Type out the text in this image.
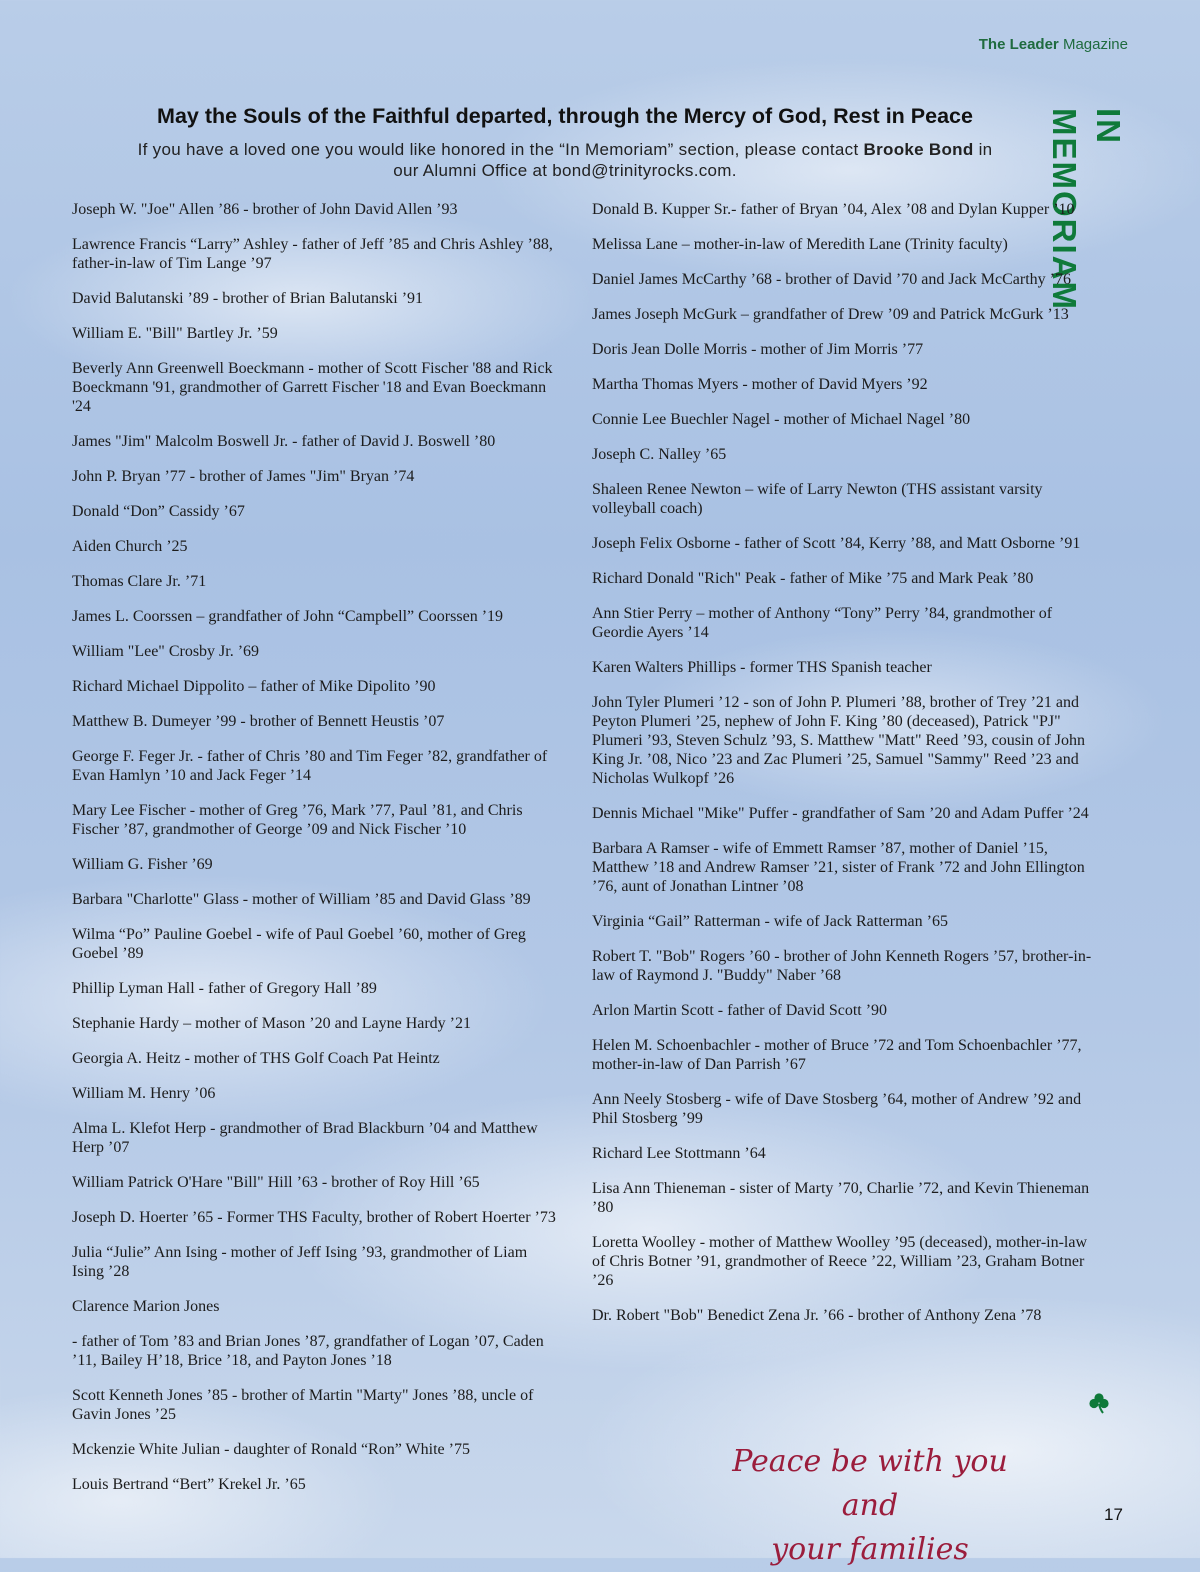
The Leader Magazine
IN MEMORIAM
May the Souls of the Faithful departed, through the Mercy of God, Rest in Peace
If you have a loved one you would like honored in the “In Memoriam” section, please contact Brooke Bond in our Alumni Office at bond@trinityrocks.com.
Joseph W. "Joe" Allen ’86 - brother of John David Allen ’93
Lawrence Francis “Larry” Ashley - father of Jeff ’85 and Chris Ashley ’88, father-in-law of Tim Lange ’97
David Balutanski ’89 - brother of Brian Balutanski ’91
William E. "Bill" Bartley Jr. ’59
Beverly Ann Greenwell Boeckmann - mother of Scott Fischer '88 and Rick Boeckmann '91, grandmother of Garrett Fischer '18 and Evan Boeckmann '24
James "Jim" Malcolm Boswell Jr. - father of David J. Boswell ’80
John P. Bryan ’77 - brother of James "Jim" Bryan ’74
Donald “Don” Cassidy ’67
Aiden Church ’25
Thomas Clare Jr. ’71
James L. Coorssen – grandfather of John “Campbell” Coorssen ’19
William "Lee" Crosby Jr. ’69
Richard Michael Dippolito – father of Mike Dipolito ’90
Matthew B. Dumeyer ’99 - brother of Bennett Heustis ’07
George F. Feger Jr. - father of Chris ’80 and Tim Feger ’82, grandfather of Evan Hamlyn ’10 and Jack Feger ’14
Mary Lee Fischer - mother of Greg ’76, Mark ’77, Paul ’81, and Chris Fischer ’87, grandmother of George ’09 and Nick Fischer ’10
William G. Fisher ’69
Barbara "Charlotte" Glass - mother of William ’85 and David Glass ’89
Wilma “Po” Pauline Goebel - wife of Paul Goebel ’60, mother of Greg Goebel ’89
Phillip Lyman Hall - father of Gregory Hall ’89
Stephanie Hardy – mother of Mason ’20 and Layne Hardy ’21
Georgia A. Heitz - mother of THS Golf Coach Pat Heintz
William M. Henry ’06
Alma L. Klefot Herp - grandmother of Brad Blackburn ’04 and Matthew Herp ’07
William Patrick O'Hare "Bill" Hill ’63 - brother of Roy Hill ’65
Joseph D. Hoerter ’65 - Former THS Faculty, brother of Robert Hoerter ’73
Julia “Julie” Ann Ising - mother of Jeff Ising ’93, grandmother of Liam Ising ’28
Clarence Marion Jones
- father of Tom ’83 and Brian Jones ’87, grandfather of Logan ’07, Caden ’11, Bailey H’18, Brice ’18, and Payton Jones ’18
Scott Kenneth Jones ’85 - brother of Martin "Marty" Jones ’88, uncle of Gavin Jones ’25
Mckenzie White Julian - daughter of Ronald “Ron” White ’75
Louis Bertrand “Bert” Krekel Jr. ’65
Donald B. Kupper Sr.- father of Bryan ’04, Alex ’08 and Dylan Kupper ’10
Melissa Lane – mother-in-law of Meredith Lane (Trinity faculty)
Daniel James McCarthy ’68 - brother of David ’70 and Jack McCarthy ’76
James Joseph McGurk – grandfather of Drew ’09 and Patrick McGurk ’13
Doris Jean Dolle Morris - mother of Jim Morris ’77
Martha Thomas Myers - mother of David Myers ’92
Connie Lee Buechler Nagel - mother of Michael Nagel ’80
Joseph C. Nalley ’65
Shaleen Renee Newton – wife of Larry Newton (THS assistant varsity volleyball coach)
Joseph Felix Osborne - father of Scott ’84, Kerry ’88, and Matt Osborne ’91
Richard Donald "Rich" Peak - father of Mike ’75 and Mark Peak ’80
Ann Stier Perry – mother of Anthony “Tony” Perry ’84, grandmother of Geordie Ayers ’14
Karen Walters Phillips - former THS Spanish teacher
John Tyler Plumeri ’12 - son of John P. Plumeri ’88, brother of Trey ’21 and Peyton Plumeri ’25, nephew of John F. King ’80 (deceased), Patrick "PJ" Plumeri ’93, Steven Schulz ’93, S. Matthew "Matt" Reed ’93, cousin of John King Jr. ’08, Nico ’23 and Zac Plumeri ’25, Samuel "Sammy" Reed ’23 and Nicholas Wulkopf ’26
Dennis Michael "Mike" Puffer - grandfather of Sam ’20 and Adam Puffer ’24
Barbara A Ramser - wife of Emmett Ramser ’87, mother of Daniel ’15, Matthew ’18 and Andrew Ramser ’21, sister of Frank ’72 and John Ellington ’76, aunt of Jonathan Lintner ’08
Virginia “Gail” Ratterman - wife of Jack Ratterman ’65
Robert T. "Bob" Rogers ’60 - brother of John Kenneth Rogers ’57, brother-in-law of Raymond J. "Buddy" Naber ’68
Arlon Martin Scott - father of David Scott ’90
Helen M. Schoenbachler - mother of Bruce ’72 and Tom Schoenbachler ’77, mother-in-law of Dan Parrish ’67
Ann Neely Stosberg - wife of Dave Stosberg ’64, mother of Andrew ’92 and Phil Stosberg ’99
Richard Lee Stottmann ’64
Lisa Ann Thieneman - sister of Marty ’70, Charlie ’72, and Kevin Thieneman ’80
Loretta Woolley - mother of Matthew Woolley ’95 (deceased), mother-in-law of Chris Botner ’91, grandmother of Reece ’22, William ’23, Graham Botner ’26
Dr. Robert "Bob" Benedict Zena Jr. ’66 - brother of Anthony Zena ’78
Peace be with you and
your families
17
